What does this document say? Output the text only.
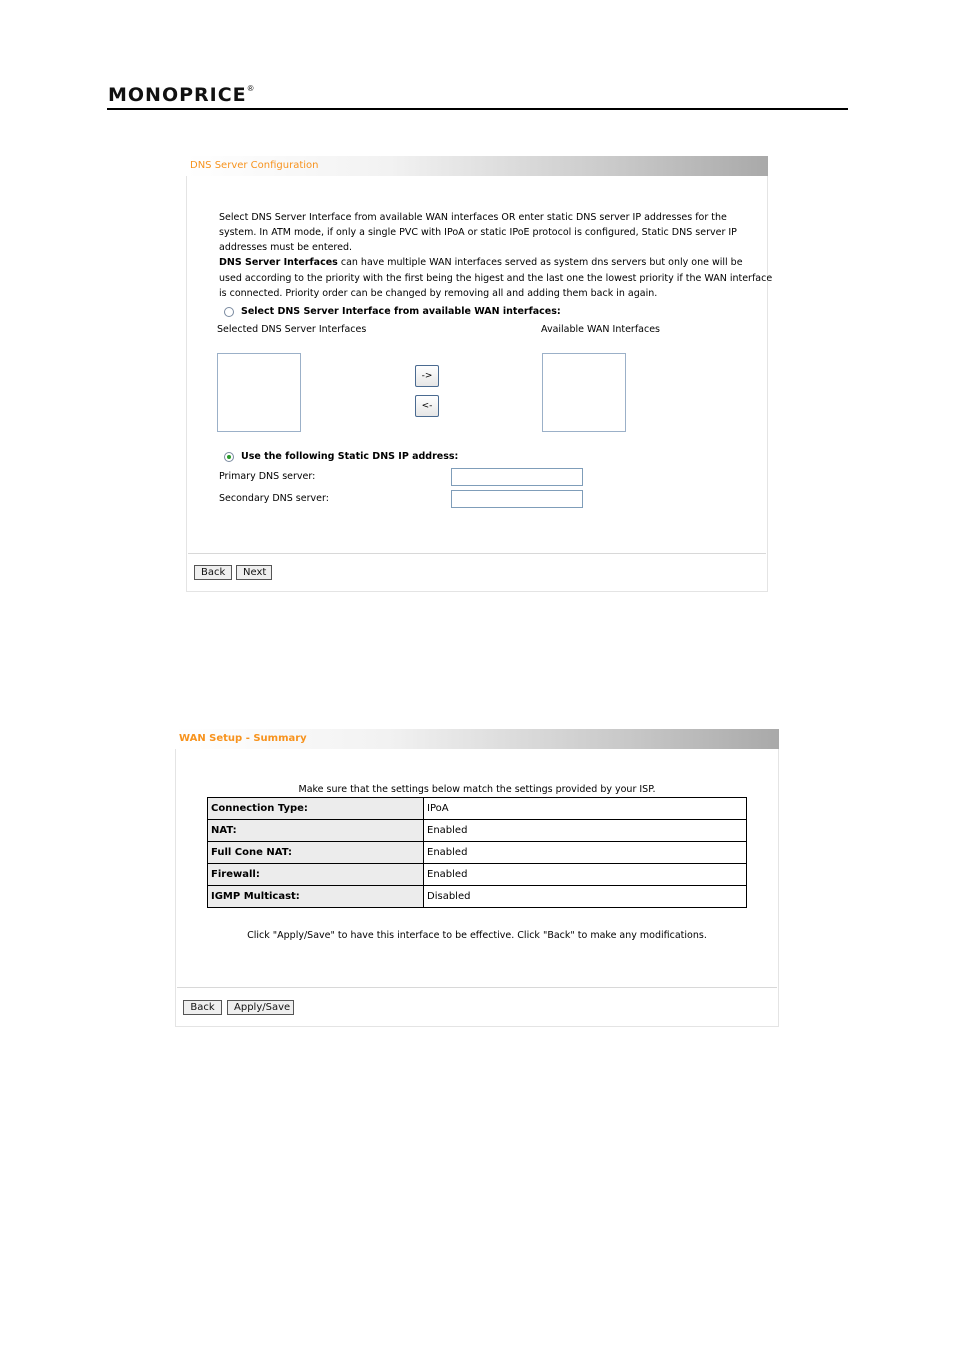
MONOPRICE®
DNS Server Configuration
Select DNS Server Interface from available WAN interfaces OR enter static DNS server IP addresses for the
system. In ATM mode, if only a single PVC with IPoA or static IPoE protocol is configured, Static DNS server IP
addresses must be entered.
DNS Server Interfaces can have multiple WAN interfaces served as system dns servers but only one will be
used according to the priority with the first being the higest and the last one the lowest priority if the WAN interface
is connected. Priority order can be changed by removing all and adding them back in again.
Select DNS Server Interface from available WAN interfaces:
Selected DNS Server Interfaces	Available WAN Interfaces
->
<-
Use the following Static DNS IP address:
Primary DNS server:
Secondary DNS server:
Back	Next
WAN Setup - Summary
Make sure that the settings below match the settings provided by your ISP.
Connection Type:	IPoA
NAT:	Enabled
Full Cone NAT:	Enabled
Firewall:	Enabled
IGMP Multicast:	Disabled
Click "Apply/Save" to have this interface to be effective. Click "Back" to make any modifications.
Back	Apply/Save
